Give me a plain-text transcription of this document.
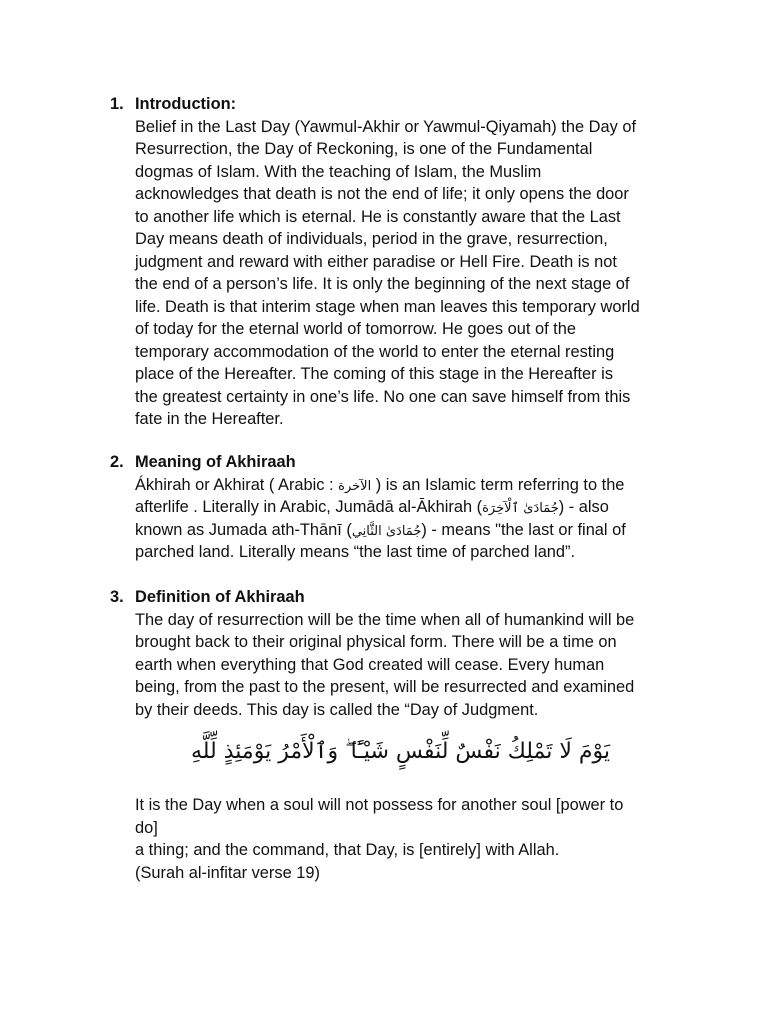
1. Introduction:
Belief in the Last Day (Yawmul-Akhir or Yawmul-Qiyamah) the Day of
Resurrection, the Day of Reckoning, is one of the Fundamental
dogmas of Islam. With the teaching of Islam, the Muslim
acknowledges that death is not the end of life; it only opens the door
to another life which is eternal. He is constantly aware that the Last
Day means death of individuals, period in the grave, resurrection,
judgment and reward with either paradise or Hell Fire. Death is not
the end of a person’s life. It is only the beginning of the next stage of
life. Death is that interim stage when man leaves this temporary world
of today for the eternal world of tomorrow. He goes out of the
temporary accommodation of the world to enter the eternal resting
place of the Hereafter. The coming of this stage in the Hereafter is
the greatest certainty in one’s life. No one can save himself from this
fate in the Hereafter.
2. Meaning of Akhiraah
Ákhirah or Akhirat ( Arabic : الآخرة ) is an Islamic term referring to the
afterlife . Literally in Arabic, Jumādā al-Ākhirah (جُمَادَىٰ ٱلْآخِرَة) - also
known as Jumada ath-Thānī (جُمَادَىٰ الثَّانِي) - means "the last or final of
parched land. Literally means “the last time of parched land”.
3. Definition of Akhiraah
The day of resurrection will be the time when all of humankind will be
brought back to their original physical form. There will be a time on
earth when everything that God created will cease. Every human
being, from the past to the present, will be resurrected and examined
by their deeds. This day is called the “Day of Judgment.
يَوْمَ لَا تَمْلِكُ نَفْسٌ لِّنَفْسٍ شَيْـًٔا ۖ وَٱلْأَمْرُ يَوْمَئِذٍ لِّلَّهِ
It is the Day when a soul will not possess for another soul [power to
do]
a thing; and the command, that Day, is [entirely] with Allah.
(Surah al-infitar verse 19)
